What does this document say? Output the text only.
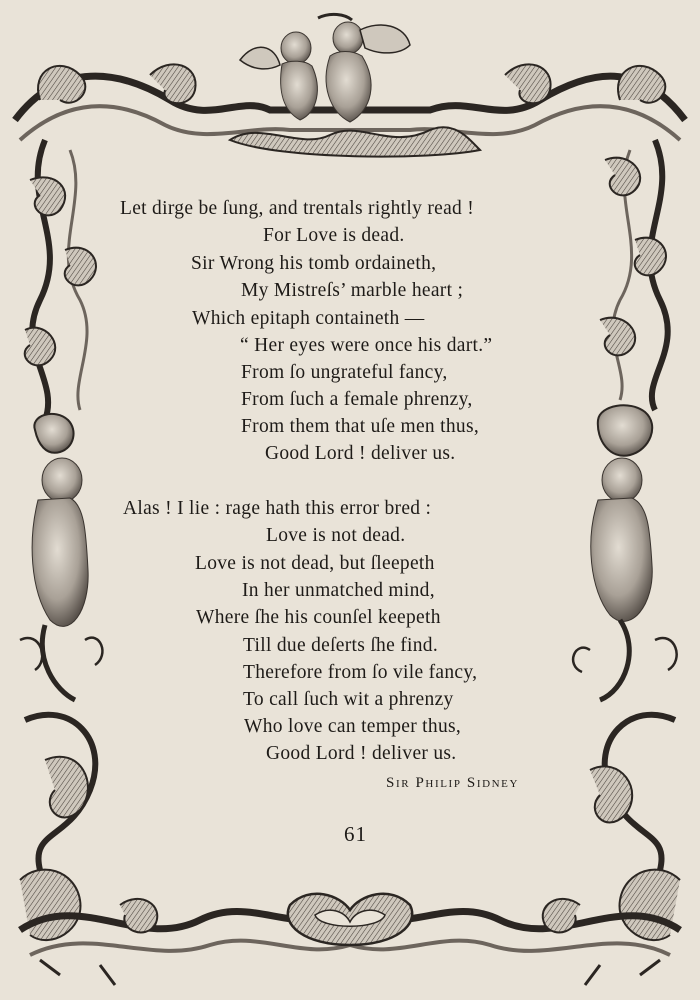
Let dirge be ſung, and trentals rightly read !
For Love is dead.
Sir Wrong his tomb ordaineth,
My Mistreſs’ marble heart ;
Which epitaph containeth —
“ Her eyes were once his dart.”
From ſo ungrateful fancy,
From ſuch a female phrenzy,
From them that uſe men thus,
Good Lord ! deliver us.
Alas ! I lie : rage hath this error bred :
Love is not dead.
Love is not dead, but ſleepeth
In her unmatched mind,
Where ſhe his counſel keepeth
Till due deſerts ſhe find.
Therefore from ſo vile fancy,
To call ſuch wit a phrenzy
Who love can temper thus,
Good Lord ! deliver us.
Sir Philip Sidney
61
